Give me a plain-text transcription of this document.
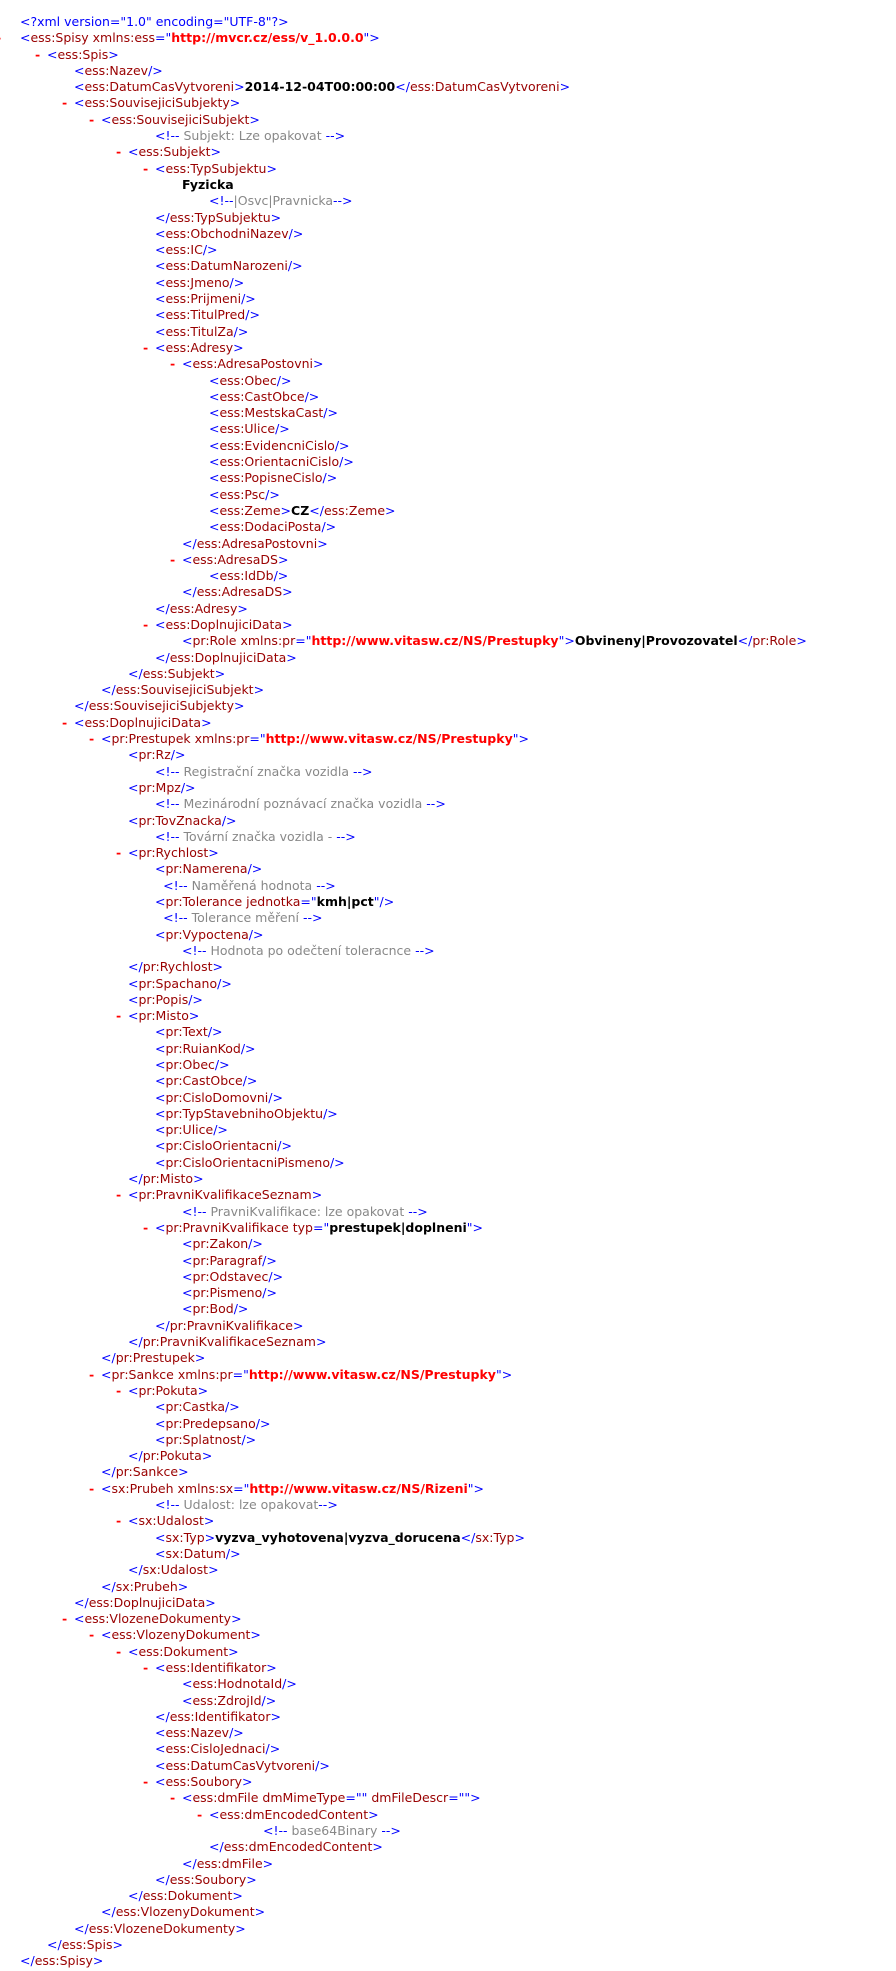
<?xml version="1.0" encoding="UTF-8"?>
<ess:Spisy xmlns:ess="http://mvcr.cz/ess/v_1.0.0.0">
- <ess:Spis>
<ess:Nazev/>
<ess:DatumCasVytvoreni>2014-12-04T00:00:00</ess:DatumCasVytvoreni>
- <ess:SouvisejiciSubjekty>
- <ess:SouvisejiciSubjekt>
<!-- Subjekt: Lze opakovat -->
- <ess:Subjekt>
- <ess:TypSubjektu>
Fyzicka
<!--|Osvc|Pravnicka-->
</ess:TypSubjektu>
<ess:ObchodniNazev/>
<ess:IC/>
<ess:DatumNarozeni/>
<ess:Jmeno/>
<ess:Prijmeni/>
<ess:TitulPred/>
<ess:TitulZa/>
- <ess:Adresy>
- <ess:AdresaPostovni>
<ess:Obec/>
<ess:CastObce/>
<ess:MestskaCast/>
<ess:Ulice/>
<ess:EvidencniCislo/>
<ess:OrientacniCislo/>
<ess:PopisneCislo/>
<ess:Psc/>
<ess:Zeme>CZ</ess:Zeme>
<ess:DodaciPosta/>
</ess:AdresaPostovni>
- <ess:AdresaDS>
<ess:IdDb/>
</ess:AdresaDS>
</ess:Adresy>
- <ess:DoplnujiciData>
<pr:Role xmlns:pr="http://www.vitasw.cz/NS/Prestupky">Obvineny|Provozovatel</pr:Role>
</ess:DoplnujiciData>
</ess:Subjekt>
</ess:SouvisejiciSubjekt>
</ess:SouvisejiciSubjekty>
- <ess:DoplnujiciData>
- <pr:Prestupek xmlns:pr="http://www.vitasw.cz/NS/Prestupky">
<pr:Rz/>
<!-- Registrační značka vozidla -->
<pr:Mpz/>
<!-- Mezinárodní poznávací značka vozidla -->
<pr:TovZnacka/>
<!-- Tovární značka vozidla - -->
- <pr:Rychlost>
<pr:Namerena/>
<!-- Naměřená hodnota -->
<pr:Tolerance jednotka="kmh|pct"/>
<!-- Tolerance měření -->
<pr:Vypoctena/>
<!-- Hodnota po odečtení toleracnce -->
</pr:Rychlost>
<pr:Spachano/>
<pr:Popis/>
- <pr:Misto>
<pr:Text/>
<pr:RuianKod/>
<pr:Obec/>
<pr:CastObce/>
<pr:CisloDomovni/>
<pr:TypStavebnihoObjektu/>
<pr:Ulice/>
<pr:CisloOrientacni/>
<pr:CisloOrientacniPismeno/>
</pr:Misto>
- <pr:PravniKvalifikaceSeznam>
<!-- PravniKvalifikace: lze opakovat -->
- <pr:PravniKvalifikace typ="prestupek|doplneni">
<pr:Zakon/>
<pr:Paragraf/>
<pr:Odstavec/>
<pr:Pismeno/>
<pr:Bod/>
</pr:PravniKvalifikace>
</pr:PravniKvalifikaceSeznam>
</pr:Prestupek>
- <pr:Sankce xmlns:pr="http://www.vitasw.cz/NS/Prestupky">
- <pr:Pokuta>
<pr:Castka/>
<pr:Predepsano/>
<pr:Splatnost/>
</pr:Pokuta>
</pr:Sankce>
- <sx:Prubeh xmlns:sx="http://www.vitasw.cz/NS/Rizeni">
<!-- Udalost: lze opakovat-->
- <sx:Udalost>
<sx:Typ>vyzva_vyhotovena|vyzva_dorucena</sx:Typ>
<sx:Datum/>
</sx:Udalost>
</sx:Prubeh>
</ess:DoplnujiciData>
- <ess:VlozeneDokumenty>
- <ess:VlozenyDokument>
- <ess:Dokument>
- <ess:Identifikator>
<ess:HodnotaId/>
<ess:ZdrojId/>
</ess:Identifikator>
<ess:Nazev/>
<ess:CisloJednaci/>
<ess:DatumCasVytvoreni/>
- <ess:Soubory>
- <ess:dmFile dmMimeType="" dmFileDescr="">
- <ess:dmEncodedContent>
<!-- base64Binary -->
</ess:dmEncodedContent>
</ess:dmFile>
</ess:Soubory>
</ess:Dokument>
</ess:VlozenyDokument>
</ess:VlozeneDokumenty>
</ess:Spis>
</ess:Spisy>
